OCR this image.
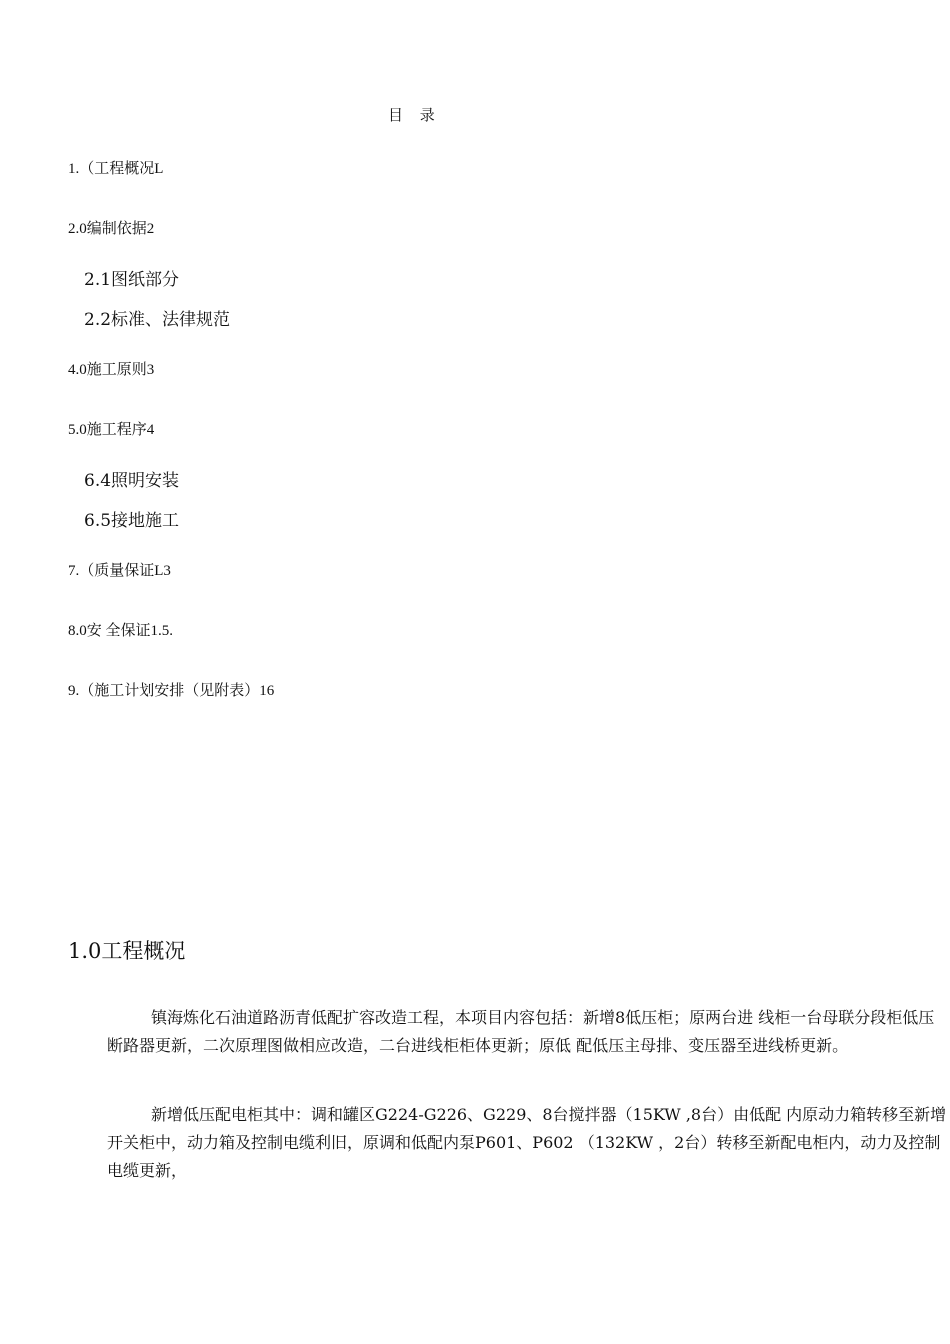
目 录
1.（工程概况L
2.0编制依据2
2.1图纸部分
2.2标准、法律规范
4.0施工原则3
5.0施工程序4
6.4照明安装
6.5接地施工
7.（质量保证L3
8.0安 全保证1.5.
9.（施工计划安排（见附表）16
1.0工程概况
镇海炼化石油道路沥青低配扩容改造工程，本项目内容包括：新增8低压柜；原两台进 线柜一台母联分段柜低压断路器更新，二次原理图做相应改造，二台进线柜柜体更新；原低 配低压主母排、变压器至进线桥更新。
新增低压配电柜其中：调和罐区G224-G226、G229、8台搅拌器（15KW ,8台）由低配 内原动力箱转移至新增开关柜中，动力箱及控制电缆利旧，原调和低配内泵P601、P602 （132KW ，2台）转移至新配电柜内，动力及控制电缆更新，
